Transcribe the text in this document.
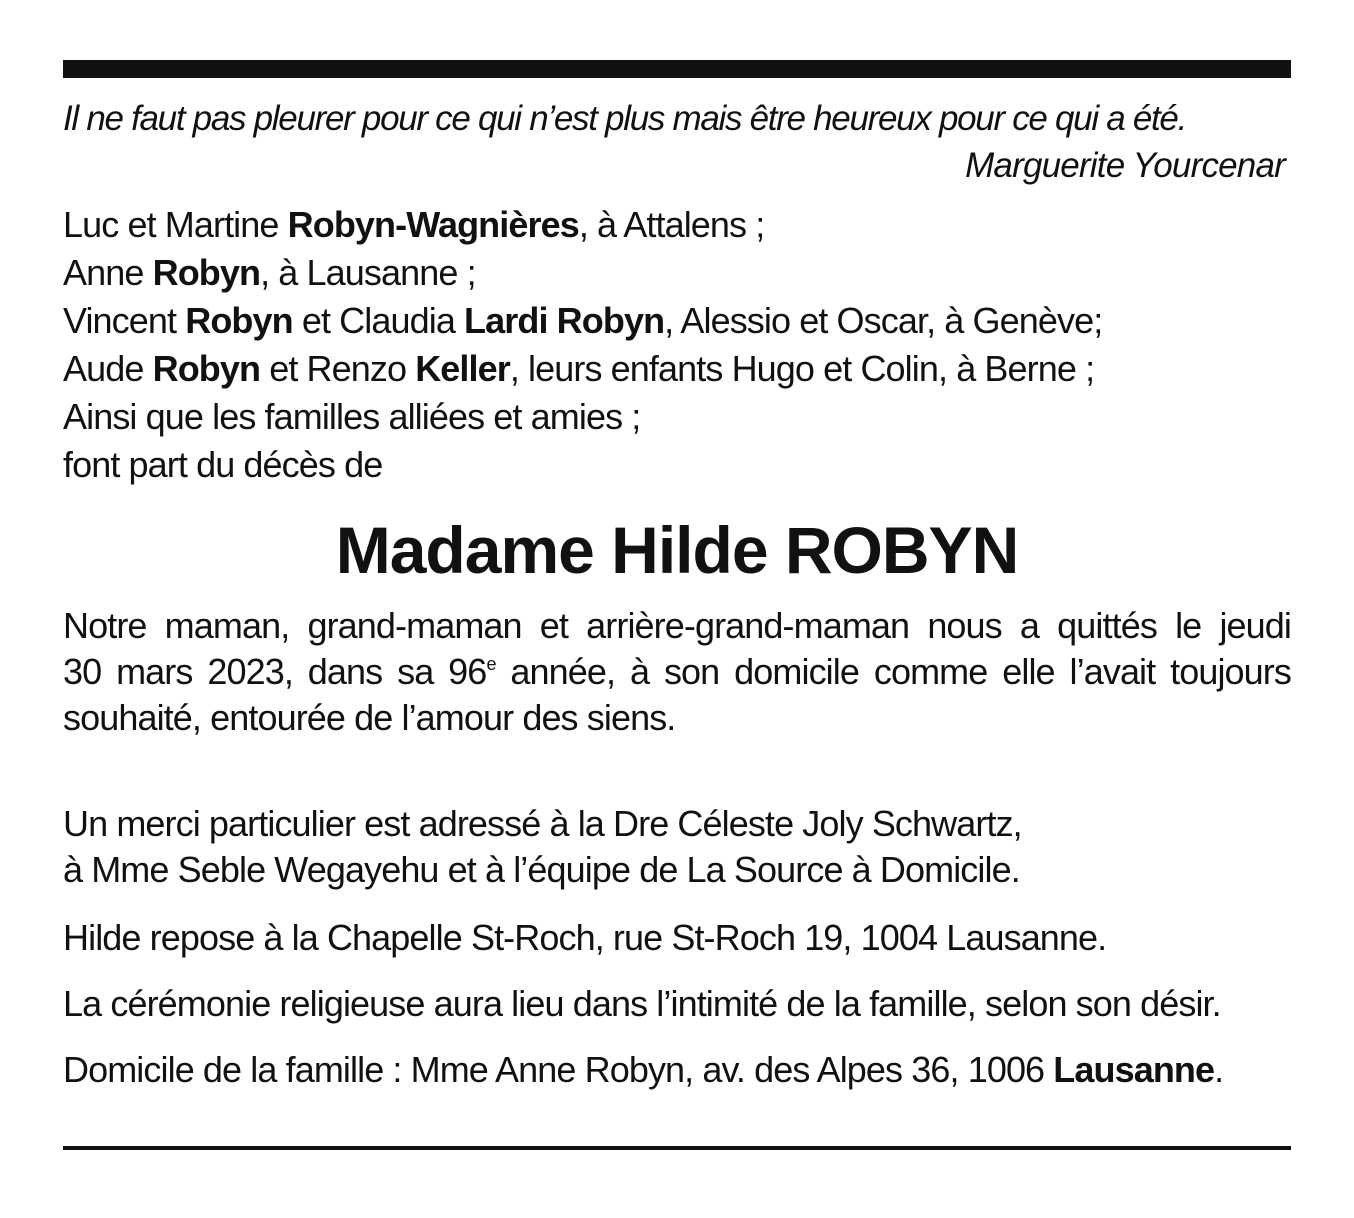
Il ne faut pas pleurer pour ce qui n’est plus mais être heureux pour ce qui a été.
Marguerite Yourcenar
Luc et Martine Robyn-Wagnières, à Attalens ;
Anne Robyn, à Lausanne ;
Vincent Robyn et Claudia Lardi Robyn, Alessio et Oscar, à Genève;
Aude Robyn et Renzo Keller, leurs enfants Hugo et Colin, à Berne ;
Ainsi que les familles alliées et amies ;
font part du décès de
Madame Hilde ROBYN

Notre maman, grand-maman et arrière-grand-maman nous a quittés le jeudi

30 mars 2023, dans sa 96e année, à son domicile comme elle l’avait toujours

souhaité, entourée de l’amour des siens.

Un merci particulier est adressé à la Dre Céleste Joly Schwartz,

à Mme Seble Wegayehu et à l’équipe de La Source à Domicile.

Hilde repose à la Chapelle St-Roch, rue St-Roch 19, 1004 Lausanne.

La cérémonie religieuse aura lieu dans l’intimité de la famille, selon son désir.

Domicile de la famille : Mme Anne Robyn, av. des Alpes 36, 1006 Lausanne.
